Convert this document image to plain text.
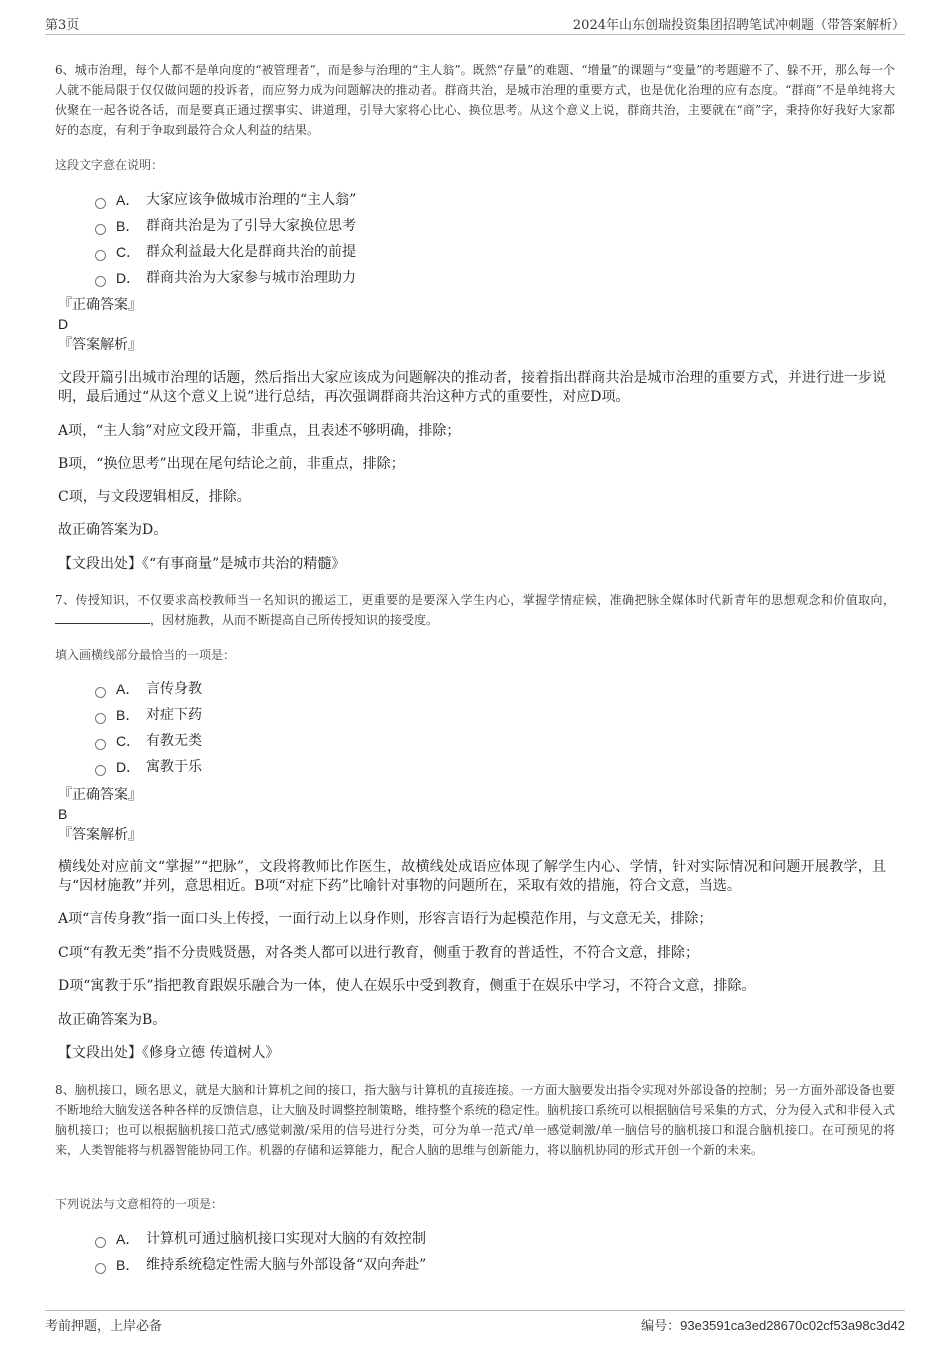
第3页	2024年山东创瑞投资集团招聘笔试冲刺题（带答案解析）
6、城市治理，每个人都不是单向度的“被管理者”，而是参与治理的“主人翁”。既然“存量”的难题、“增量”的课题与“变量”的考题避不了、躲不开，那么每一个人就不能局限于仅仅做问题的投诉者，而应努力成为问题解决的推动者。群商共治，是城市治理的重要方式，也是优化治理的应有态度。“群商”不是单纯将大伙聚在一起各说各话，而是要真正通过摆事实、讲道理，引导大家将心比心、换位思考。从这个意义上说，群商共治，主要就在“商”字，秉持你好我好大家都好的态度，有利于争取到最符合众人利益的结果。
这段文字意在说明：
A． 大家应该争做城市治理的“主人翁”
B． 群商共治是为了引导大家换位思考
C． 群众利益最大化是群商共治的前提
D． 群商共治为大家参与城市治理助力
『正确答案』
D
『答案解析』
文段开篇引出城市治理的话题，然后指出大家应该成为问题解决的推动者，接着指出群商共治是城市治理的重要方式，并进行进一步说明，最后通过“从这个意义上说”进行总结，再次强调群商共治这种方式的重要性，对应D项。
A项，“主人翁”对应文段开篇，非重点，且表述不够明确，排除；
B项，“换位思考”出现在尾句结论之前，非重点，排除；
C项，与文段逻辑相反，排除。
故正确答案为D。
【文段出处】《“有事商量”是城市共治的精髓》
7、传授知识，不仅要求高校教师当一名知识的搬运工，更重要的是要深入学生内心，掌握学情症候，准确把脉全媒体时代新青年的思想观念和价值取向，，因材施教，从而不断提高自己所传授知识的接受度。
填入画横线部分最恰当的一项是：
A． 言传身教
B． 对症下药
C． 有教无类
D． 寓教于乐
『正确答案』
B
『答案解析』
横线处对应前文“掌握”“把脉”，文段将教师比作医生，故横线处成语应体现了解学生内心、学情，针对实际情况和问题开展教学，且与“因材施教”并列，意思相近。B项“对症下药”比喻针对事物的问题所在，采取有效的措施，符合文意，当选。
A项“言传身教”指一面口头上传授，一面行动上以身作则，形容言语行为起模范作用，与文意无关，排除；
C项“有教无类”指不分贵贱贤愚，对各类人都可以进行教育，侧重于教育的普适性，不符合文意，排除；
D项“寓教于乐”指把教育跟娱乐融合为一体，使人在娱乐中受到教育，侧重于在娱乐中学习，不符合文意，排除。
故正确答案为B。
【文段出处】《修身立德 传道树人》
8、脑机接口，顾名思义，就是大脑和计算机之间的接口，指大脑与计算机的直接连接。一方面大脑要发出指令实现对外部设备的控制；另一方面外部设备也要不断地给大脑发送各种各样的反馈信息，让大脑及时调整控制策略，维持整个系统的稳定性。脑机接口系统可以根据脑信号采集的方式，分为侵入式和非侵入式脑机接口；也可以根据脑机接口范式/感觉刺激/采用的信号进行分类，可分为单一范式/单一感觉刺激/单一脑信号的脑机接口和混合脑机接口。在可预见的将来，人类智能将与机器智能协同工作。机器的存储和运算能力，配合人脑的思维与创新能力，将以脑机协同的形式开创一个新的未来。
下列说法与文意相符的一项是：
A． 计算机可通过脑机接口实现对大脑的有效控制
B． 维持系统稳定性需大脑与外部设备“双向奔赴”
考前押题，上岸必备	编号：93e3591ca3ed28670c02cf53a98c3d42
